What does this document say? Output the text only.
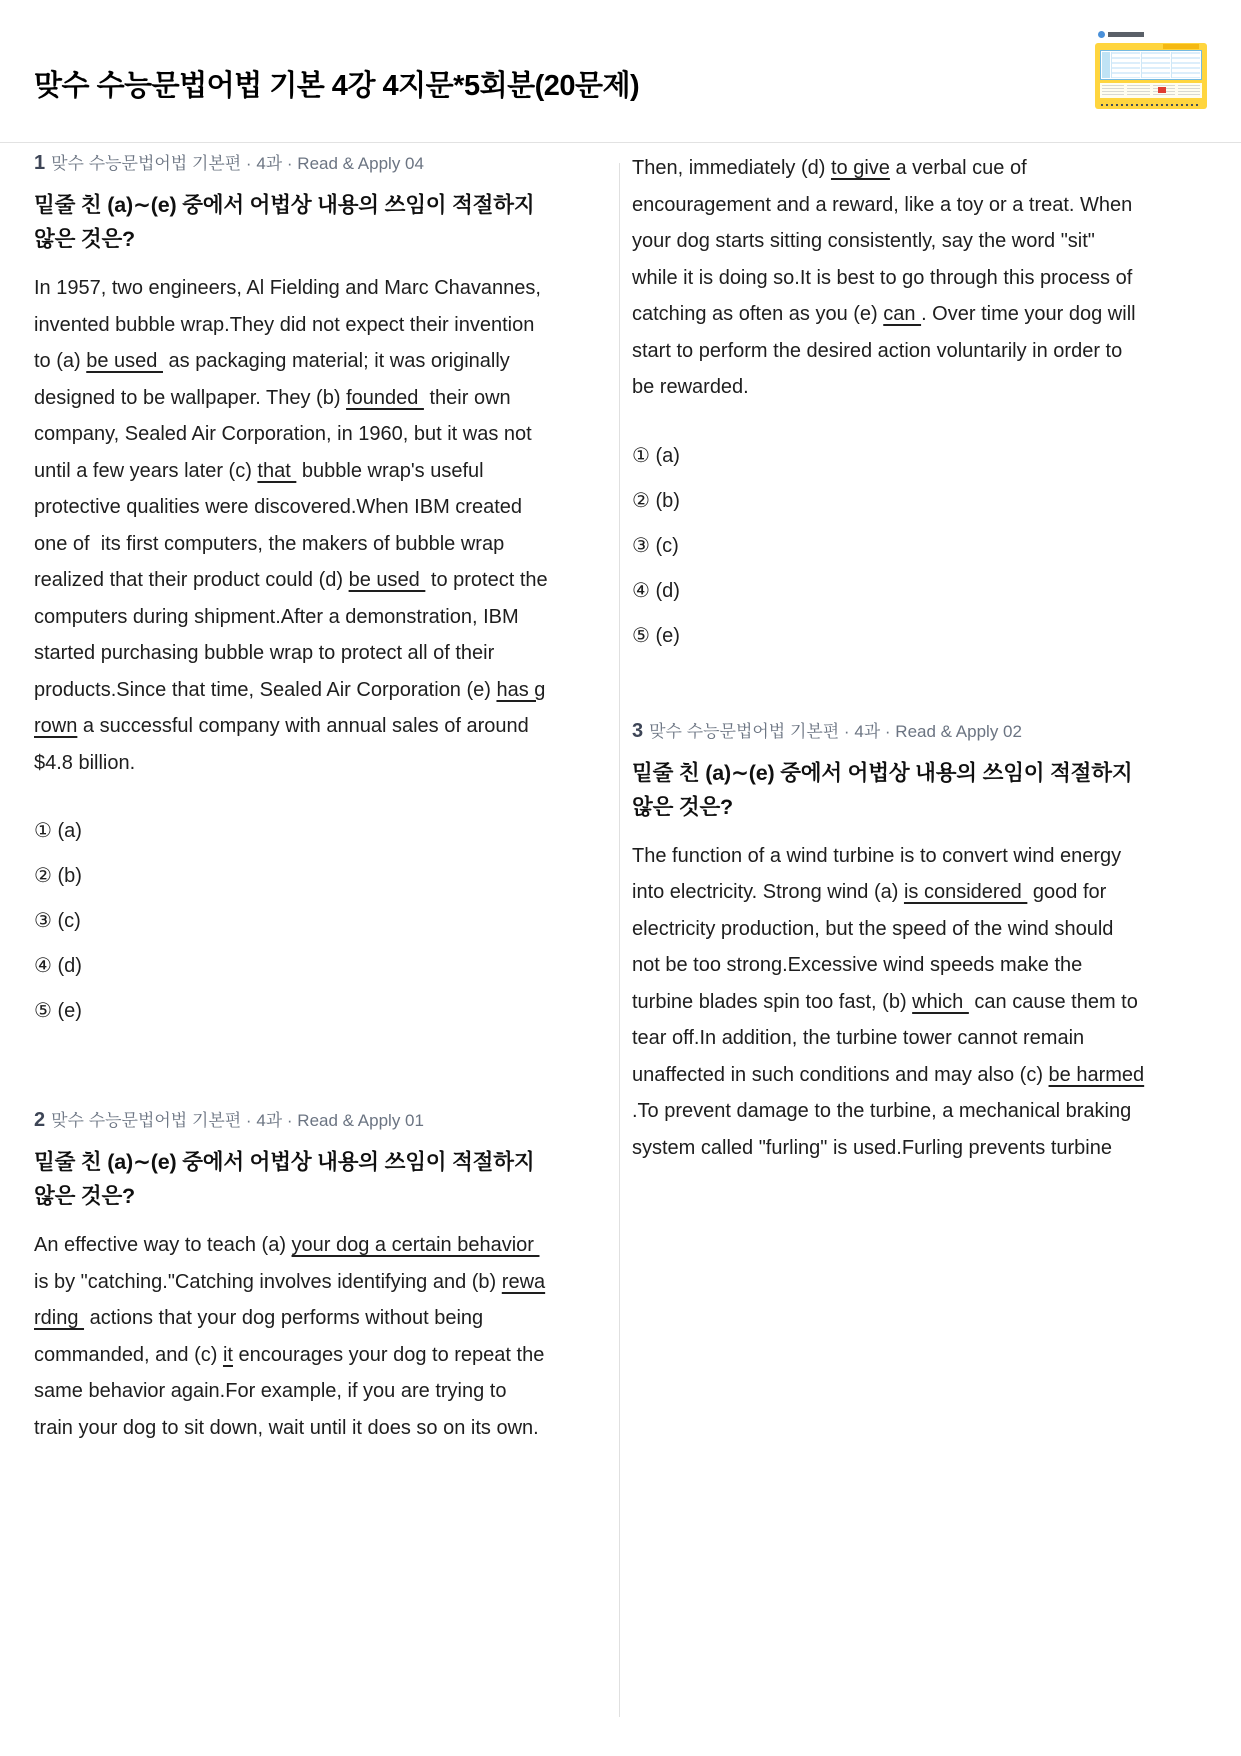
맞수 수능문법어법 기본 4강 4지문*5회분(20문제)

1 맞수 수능문법어법 기본편 · 4과 · Read & Apply 04

밑줄 친 (a)∼(e) 중에서 어법상 내용의 쓰임이 적절하지 않은 것은?
In 1957, two engineers, Al Fielding and Marc Chavannes, invented bubble wrap.They did not expect their invention to (a) be used  as packaging material; it was originally designed to be wallpaper. They (b) founded  their own company, Sealed Air Corporation, in 1960, but it was not until a few years later (c) that  bubble wrap's useful protective qualities were discovered.When IBM created one of  its first computers, the makers of bubble wrap realized that their product could (d) be used  to protect the computers during shipment.After a demonstration, IBM started purchasing bubble wrap to protect all of their products.Since that time, Sealed Air Corporation (e) has grown a successful company with annual sales of around $4.8 billion.
① (a)
② (b)
③ (c)
④ (d)
⑤ (e)

2 맞수 수능문법어법 기본편 · 4과 · Read & Apply 01

밑줄 친 (a)∼(e) 중에서 어법상 내용의 쓰임이 적절하지 않은 것은?
An effective way to teach (a) your dog a certain behavior  is by "catching."Catching involves identifying and (b) rewarding  actions that your dog performs without being commanded, and (c) it encourages your dog to repeat the same behavior again.For example, if you are trying to train your dog to sit down, wait until it does so on its own.
Then, immediately (d) to give a verbal cue of encouragement and a reward, like a toy or a treat. When your dog starts sitting consistently, say the word "sit" while it is doing so.It is best to go through this process of catching as often as you (e) can . Over time your dog will start to perform the desired action voluntarily in order to be rewarded.
① (a)
② (b)
③ (c)
④ (d)
⑤ (e)

3 맞수 수능문법어법 기본편 · 4과 · Read & Apply 02

밑줄 친 (a)∼(e) 중에서 어법상 내용의 쓰임이 적절하지 않은 것은?
The function of a wind turbine is to convert wind energy into electricity. Strong wind (a) is considered  good for electricity production, but the speed of the wind should not be too strong.Excessive wind speeds make the turbine blades spin too fast, (b) which  can cause them to tear off.In addition, the turbine tower cannot remain unaffected in such conditions and may also (c) be harmed .To prevent damage to the turbine, a mechanical braking system called "furling" is used.Furling prevents turbine
